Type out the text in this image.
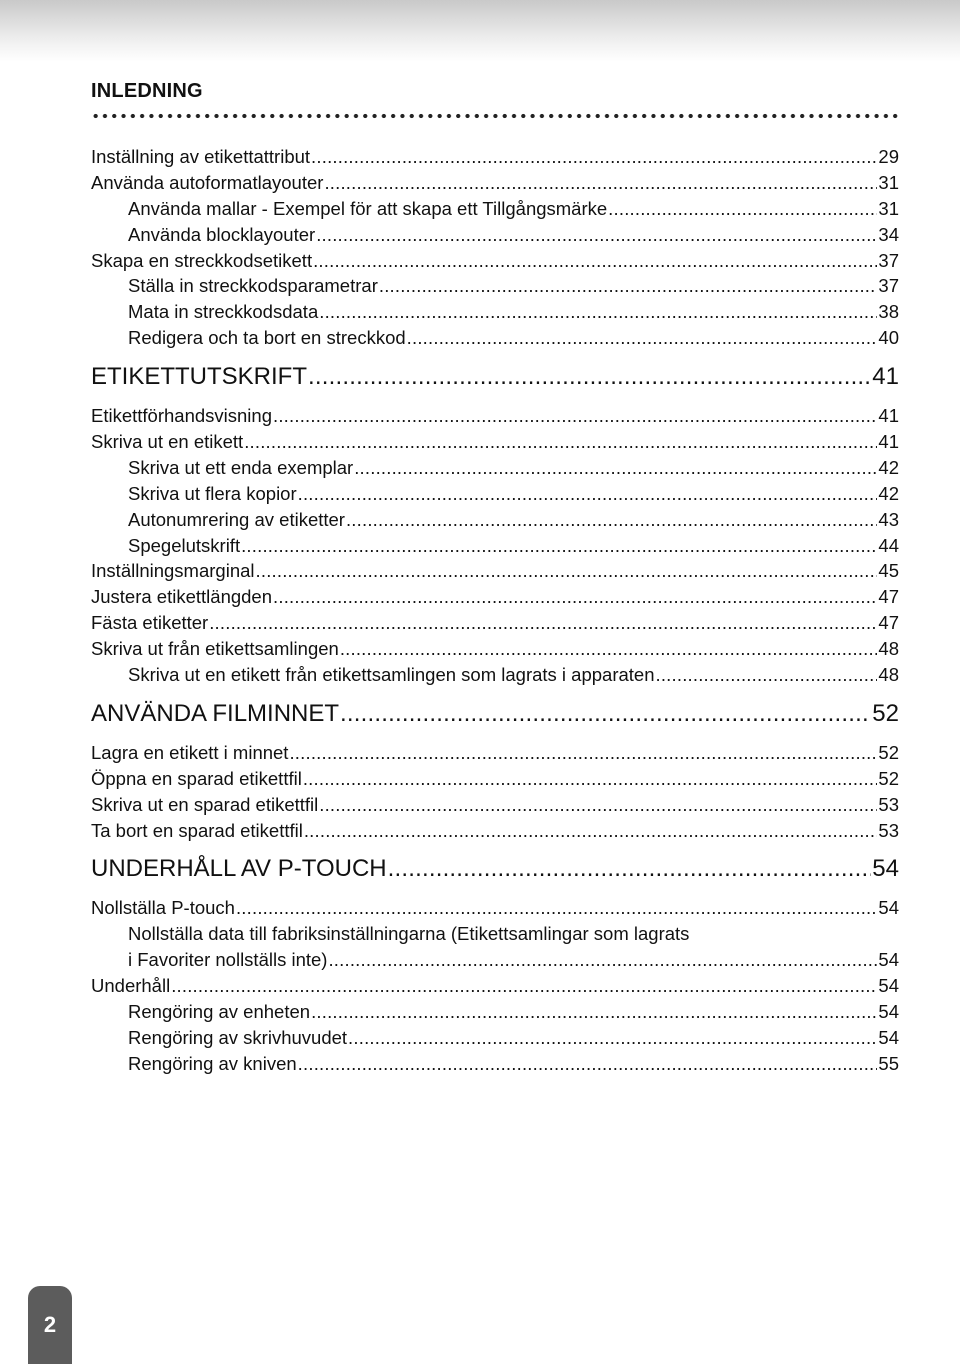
INLEDNING
Inställning av etikettattribut .....	29
Använda autoformatlayouter .....	31
Använda mallar - Exempel för att skapa ett Tillgångsmärke .....	31
Använda blocklayouter .....	34
Skapa en streckkodsetikett .....	37
Ställa in streckkodsparametrar .....	37
Mata in streckkodsdata .....	38
Redigera och ta bort en streckkod .....	40
ETIKETTUTSKRIFT .....	41
Etikettförhandsvisning .....	41
Skriva ut en etikett .....	41
Skriva ut ett enda exemplar .....	42
Skriva ut flera kopior .....	42
Autonumrering av etiketter .....	43
Spegelutskrift .....	44
Inställningsmarginal .....	45
Justera etikettlängden .....	47
Fästa etiketter .....	47
Skriva ut från etikettsamlingen .....	48
Skriva ut en etikett från etikettsamlingen som lagrats i apparaten .....	48
ANVÄNDA FILMINNET .....	52
Lagra en etikett i minnet .....	52
Öppna en sparad etikettfil .....	52
Skriva ut en sparad etikettfil .....	53
Ta bort en sparad etikettfil .....	53
UNDERHÅLL AV P-TOUCH .....	54
Nollställa P-touch .....	54
Nollställa data till fabriksinställningarna (Etikettsamlingar som lagrats
i Favoriter nollställs inte) .....	54
Underhåll .....	54
Rengöring av enheten .....	54
Rengöring av skrivhuvudet .....	54
Rengöring av kniven .....	55
2
